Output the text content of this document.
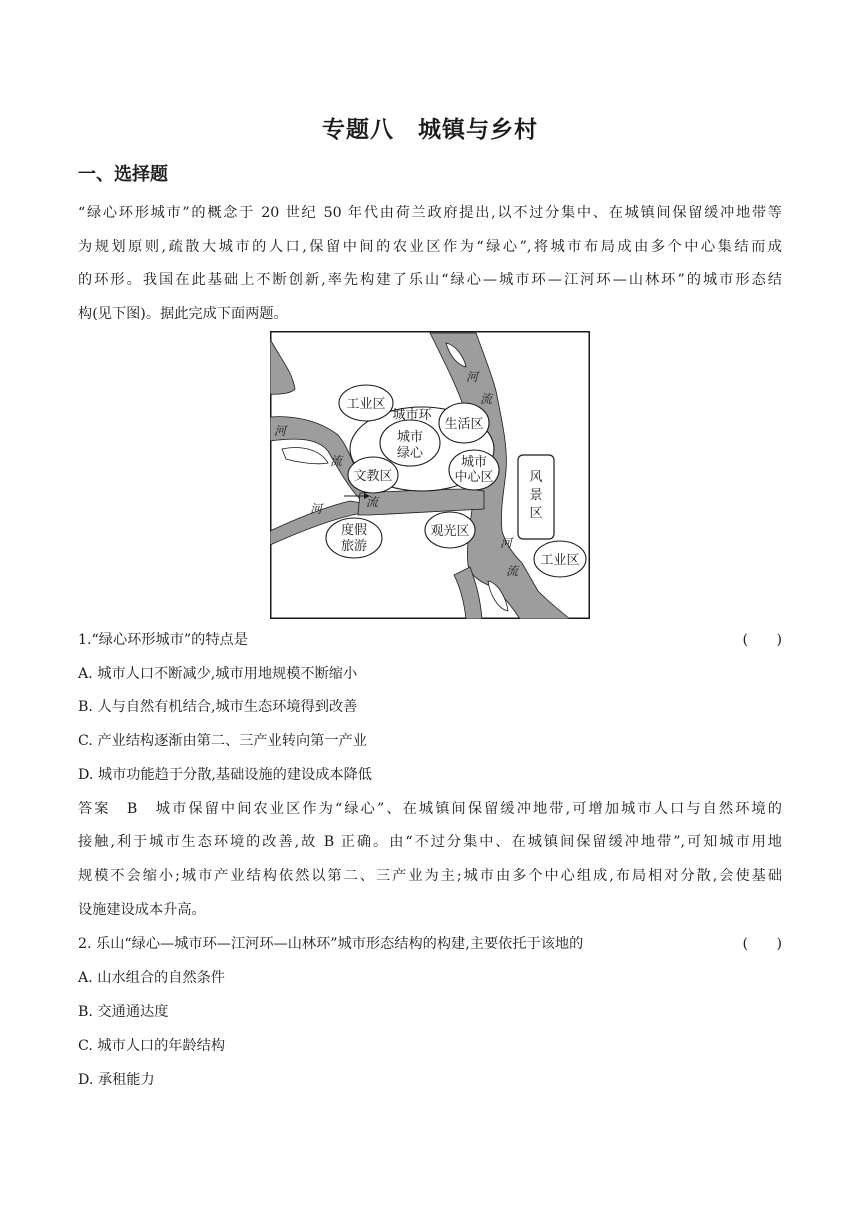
专题八　城镇与乡村
一、选择题

“绿心环形城市”的概念于 20 世纪 50 年代由荷兰政府提出,以不过分集中、在城镇间保留缓冲地带等

为规划原则,疏散大城市的人口,保留中间的农业区作为“绿心”,将城市布局成由多个中心集结而成

的环形。我国在此基础上不断创新,率先构建了乐山“绿心—城市环—江河环—山林环”的城市形态结

构(见下图)。据此完成下面两题。

工业区
城市环
生活区
城市
绿心
文教区
城市
中心区
度假
旅游
观光区
风
景
区
工业区
河
流
河
流
河	流
河
流
1.“绿心环形城市”的特点是	(　　)

A. 城市人口不断减少,城市用地规模不断缩小

B. 人与自然有机结合,城市生态环境得到改善

C. 产业结构逐渐由第二、三产业转向第一产业

D. 城市功能趋于分散,基础设施的建设成本降低

答案　B　城市保留中间农业区作为“绿心”、在城镇间保留缓冲地带,可增加城市人口与自然环境的

接触,利于城市生态环境的改善,故 B 正确。由“不过分集中、在城镇间保留缓冲地带”,可知城市用地

规模不会缩小;城市产业结构依然以第二、三产业为主;城市由多个中心组成,布局相对分散,会使基础

设施建设成本升高。

2. 乐山“绿心—城市环—江河环—山林环”城市形态结构的构建,主要依托于该地的	(　　)

A. 山水组合的自然条件

B. 交通通达度

C. 城市人口的年龄结构

D. 承租能力
